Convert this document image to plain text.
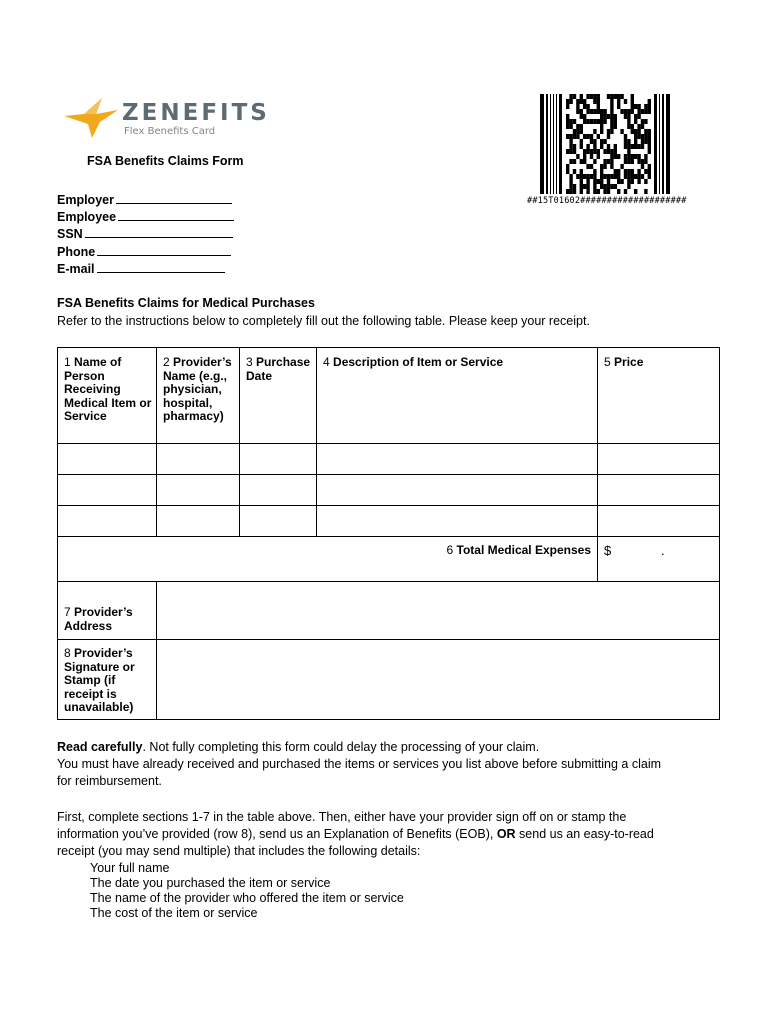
ZENEFITS
Flex Benefits Card
##15T01602####################
FSA Benefits Claims Form
Employer
Employee
SSN
Phone
E-mail
FSA Benefits Claims for Medical Purchases
Refer to the instructions below to completely fill out the following table. Please keep your receipt.
1 Name of Person Receiving Medical Item or Service
2 Provider’s Name (e.g., physician, hospital, pharmacy)
3 Purchase Date
4 Description of Item or Service	5 Price
6 Total Medical Expenses $	.
7 Provider’s Address
8 Provider’s Signature or Stamp (if receipt is unavailable)
Read carefully. Not fully completing this form could delay the processing of your claim.
You must have already received and purchased the items or services you list above before submitting a claim
for reimbursement.
First, complete sections 1-7 in the table above. Then, either have your provider sign off on or stamp the
information you’ve provided (row 8), send us an Explanation of Benefits (EOB), OR send us an easy-to-read
receipt (you may send multiple) that includes the following details:
Your full name
The date you purchased the item or service
The name of the provider who offered the item or service
The cost of the item or service
